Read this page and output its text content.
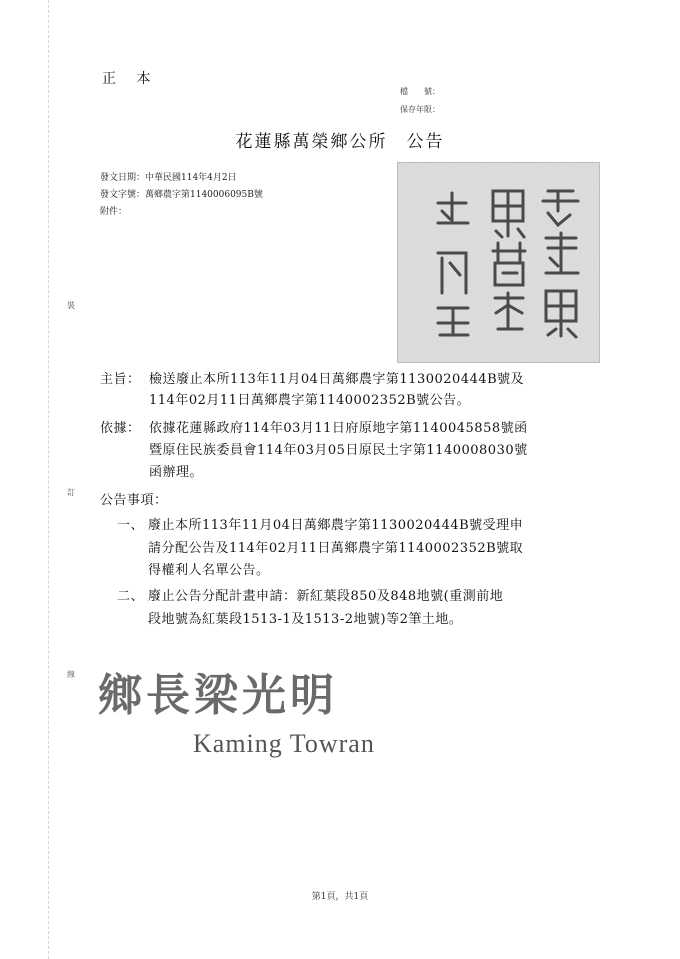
裝
訂
線
正 本
檔　　號：
保存年限：
花蓮縣萬榮鄉公所　公告
發文日期：中華民國114年4月2日
發文字號：萬鄉農字第1140006095B號
附件：
主旨： 檢送廢止本所113年11月04日萬鄉農字第1130020444B號及
114年02月11日萬鄉農字第1140002352B號公告。
依據： 依據花蓮縣政府114年03月11日府原地字第1140045858號函
暨原住民族委員會114年03月05日原民土字第1140008030號
函辦理。
公告事項：
一、 廢止本所113年11月04日萬鄉農字第1130020444B號受理申
請分配公告及114年02月11日萬鄉農字第1140002352B號取
得權利人名單公告。
二、 廢止公告分配計畫申請：新紅葉段850及848地號(重測前地
段地號為紅葉段1513-1及1513-2地號)等2筆土地。
鄉長梁光明
Kaming Towran
第1頁，共1頁
